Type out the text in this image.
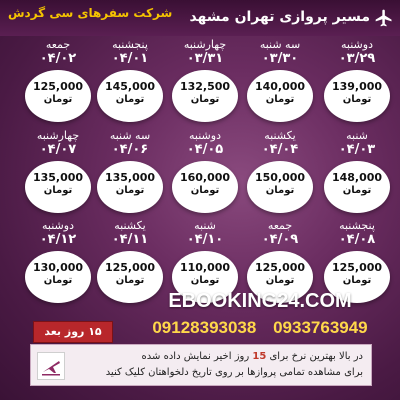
مسیر پروازی تهران مشهد
شرکت سفرهای سی گردش
دوشنبه
۰۳/۲۹
139,000
تومان
سه شنبه
۰۳/۳۰
140,000
تومان
چهارشنبه
۰۳/۳۱
132,500
تومان
پنجشنبه
۰۴/۰۱
145,000
تومان
جمعه
۰۴/۰۲
125,000
تومان
شنبه
۰۴/۰۳
148,000
تومان
یکشنبه
۰۴/۰۴
150,000
تومان
دوشنبه
۰۴/۰۵
160,000
تومان
سه شنبه
۰۴/۰۶
135,000
تومان
چهارشنبه
۰۴/۰۷
135,000
تومان
پنجشنبه
۰۴/۰۸
125,000
تومان
جمعه
۰۴/۰۹
125,000
تومان
شنبه
۰۴/۱۰
110,000
تومان
یکشنبه
۰۴/۱۱
125,000
تومان
دوشنبه
۰۴/۱۲
130,000
تومان
۱۵ روز بعد
EBOOKING24.COM
09128393038 0933763949
در بالا بهترین نرخ برای 15 روز اخیر نمایش داده شده
برای مشاهده تمامی پروازها بر روی تاریخ دلخواهتان کلیک کنید
